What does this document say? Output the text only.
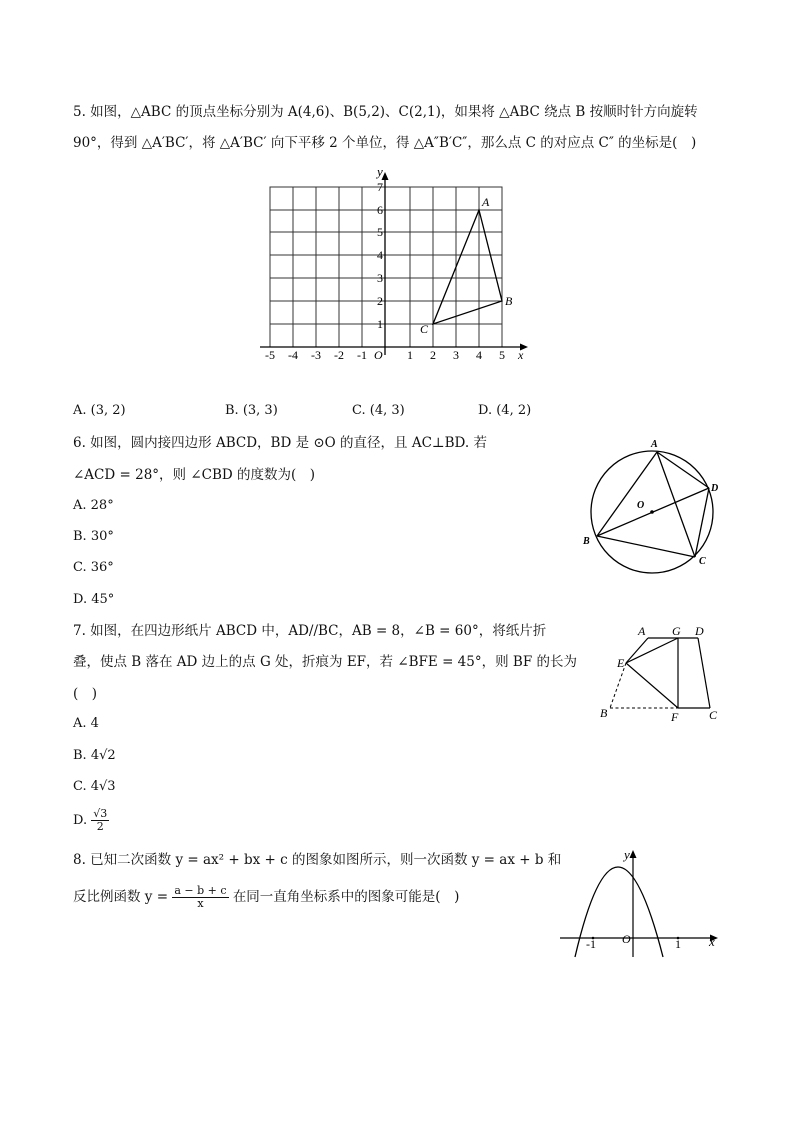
5. 如图，△ABC 的顶点坐标分别为 A(4,6)、B(5,2)、C(2,1)，如果将 △ABC 绕点 B 按顺时针方向旋转
90°，得到 △A′BC′，将 △A′BC′ 向下平移 2 个单位，得 △A″B′C″，那么点 C 的对应点 C″ 的坐标是(　)
y
x
O
-5 -4 -3 -2 -1	1 2 3 4 5
1
2
3
4
5
6
7
A
B
C
A. (3, 2)	B. (3, 3)	C. (4, 3)	D. (4, 2)
6. 如图，圆内接四边形 ABCD，BD 是 ⊙O 的直径，且 AC⊥BD. 若
∠ACD = 28°，则 ∠CBD 的度数为(　)
A. 28°
B. 30°
C. 36°
D. 45°
A
B
C
D
O
7. 如图，在四边形纸片 ABCD 中，AD//BC，AB = 8，∠B = 60°，将纸片折
叠，使点 B 落在 AD 边上的点 G 处，折痕为 EF，若 ∠BFE = 45°，则 BF 的长为
(　)
A. 4
B. 4√2
C. 4√3
D. $\frac{√3}{2}$
A G D
E
B	F	C
8. 已知二次函数 y = ax² + bx + c 的图象如图所示，则一次函数 y = ax + b 和
反比例函数 $y = \frac{a - b + c}{x}$ 在同一直角坐标系中的图象可能是(　)
y
x
O
-1	1
